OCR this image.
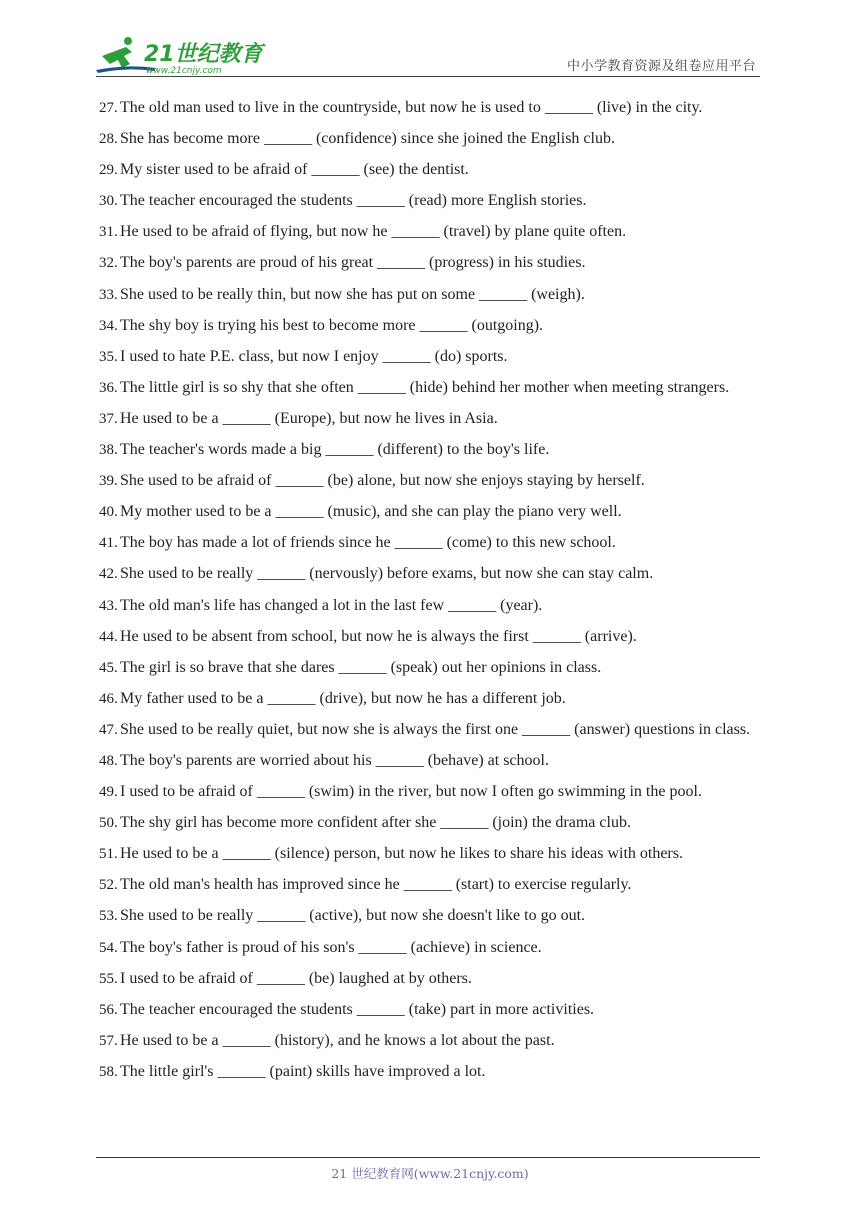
21世纪教育
www.21cnjy.com	中小学教育资源及组卷应用平台
27. The old man used to live in the countryside, but now he is used to ______ (live) in the city.
28. She has become more ______ (confidence) since she joined the English club.
29. My sister used to be afraid of ______ (see) the dentist.
30. The teacher encouraged the students ______ (read) more English stories.
31. He used to be afraid of flying, but now he ______ (travel) by plane quite often.
32. The boy's parents are proud of his great ______ (progress) in his studies.
33. She used to be really thin, but now she has put on some ______ (weigh).
34. The shy boy is trying his best to become more ______ (outgoing).
35. I used to hate P.E. class, but now I enjoy ______ (do) sports.
36. The little girl is so shy that she often ______ (hide) behind her mother when meeting strangers.
37. He used to be a ______ (Europe), but now he lives in Asia.
38. The teacher's words made a big ______ (different) to the boy's life.
39. She used to be afraid of ______ (be) alone, but now she enjoys staying by herself.
40. My mother used to be a ______ (music), and she can play the piano very well.
41. The boy has made a lot of friends since he ______ (come) to this new school.
42. She used to be really ______ (nervously) before exams, but now she can stay calm.
43. The old man's life has changed a lot in the last few ______ (year).
44. He used to be absent from school, but now he is always the first ______ (arrive).
45. The girl is so brave that she dares ______ (speak) out her opinions in class.
46. My father used to be a ______ (drive), but now he has a different job.
47. She used to be really quiet, but now she is always the first one ______ (answer) questions in class.
48. The boy's parents are worried about his ______ (behave) at school.
49. I used to be afraid of ______ (swim) in the river, but now I often go swimming in the pool.
50. The shy girl has become more confident after she ______ (join) the drama club.
51. He used to be a ______ (silence) person, but now he likes to share his ideas with others.
52. The old man's health has improved since he ______ (start) to exercise regularly.
53. She used to be really ______ (active), but now she doesn't like to go out.
54. The boy's father is proud of his son's ______ (achieve) in science.
55. I used to be afraid of ______ (be) laughed at by others.
56. The teacher encouraged the students ______ (take) part in more activities.
57. He used to be a ______ (history), and he knows a lot about the past.
58. The little girl's ______ (paint) skills have improved a lot.
21 世纪教育网(www.21cnjy.com)
